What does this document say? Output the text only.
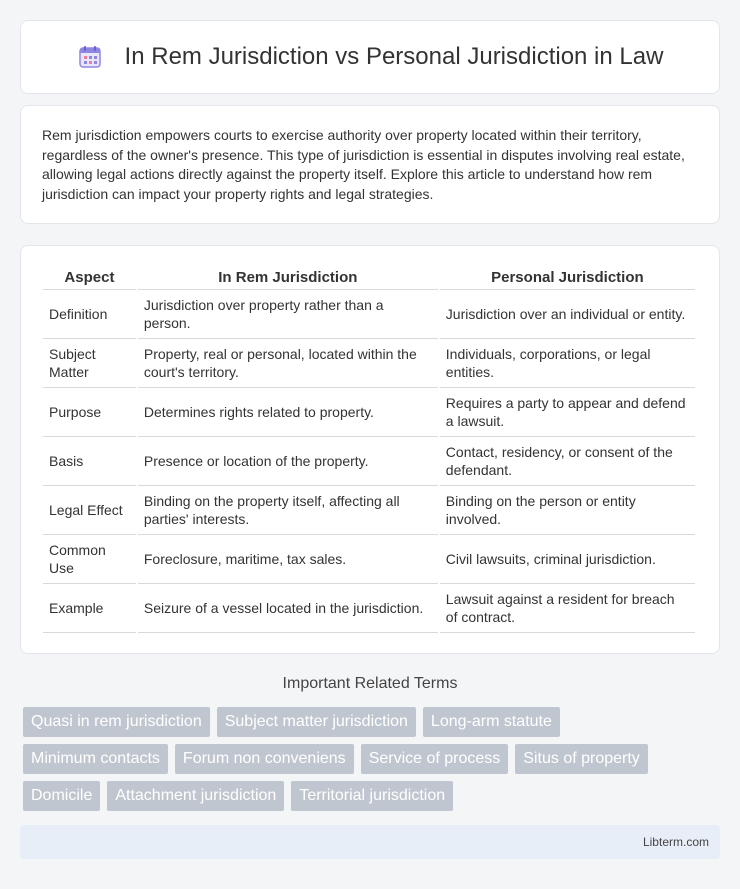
In Rem Jurisdiction vs Personal Jurisdiction in Law

Rem jurisdiction empowers courts to exercise authority over property located within their territory, regardless of the owner's presence. This type of jurisdiction is essential in disputes involving real estate, allowing legal actions directly against the property itself. Explore this article to understand how rem jurisdiction can impact your property rights and legal strategies.

Aspect	In Rem Jurisdiction	Personal Jurisdiction
Definition	Jurisdiction over property rather than a person.	Jurisdiction over an individual or entity.
Subject Matter	Property, real or personal, located within the court's territory.	Individuals, corporations, or legal entities.
Purpose	Determines rights related to property.	Requires a party to appear and defend a lawsuit.
Basis	Presence or location of the property.	Contact, residency, or consent of the defendant.
Legal Effect	Binding on the property itself, affecting all parties' interests.	Binding on the person or entity involved.
Common Use	Foreclosure, maritime, tax sales.	Civil lawsuits, criminal jurisdiction.
Example	Seizure of a vessel located in the jurisdiction.	Lawsuit against a resident for breach of contract.
Important Related Terms
Quasi in rem jurisdiction	Subject matter jurisdiction	Long-arm statute
Minimum contacts	Forum non conveniens	Service of process	Situs of property
Domicile	Attachment jurisdiction	Territorial jurisdiction
Libterm.com
